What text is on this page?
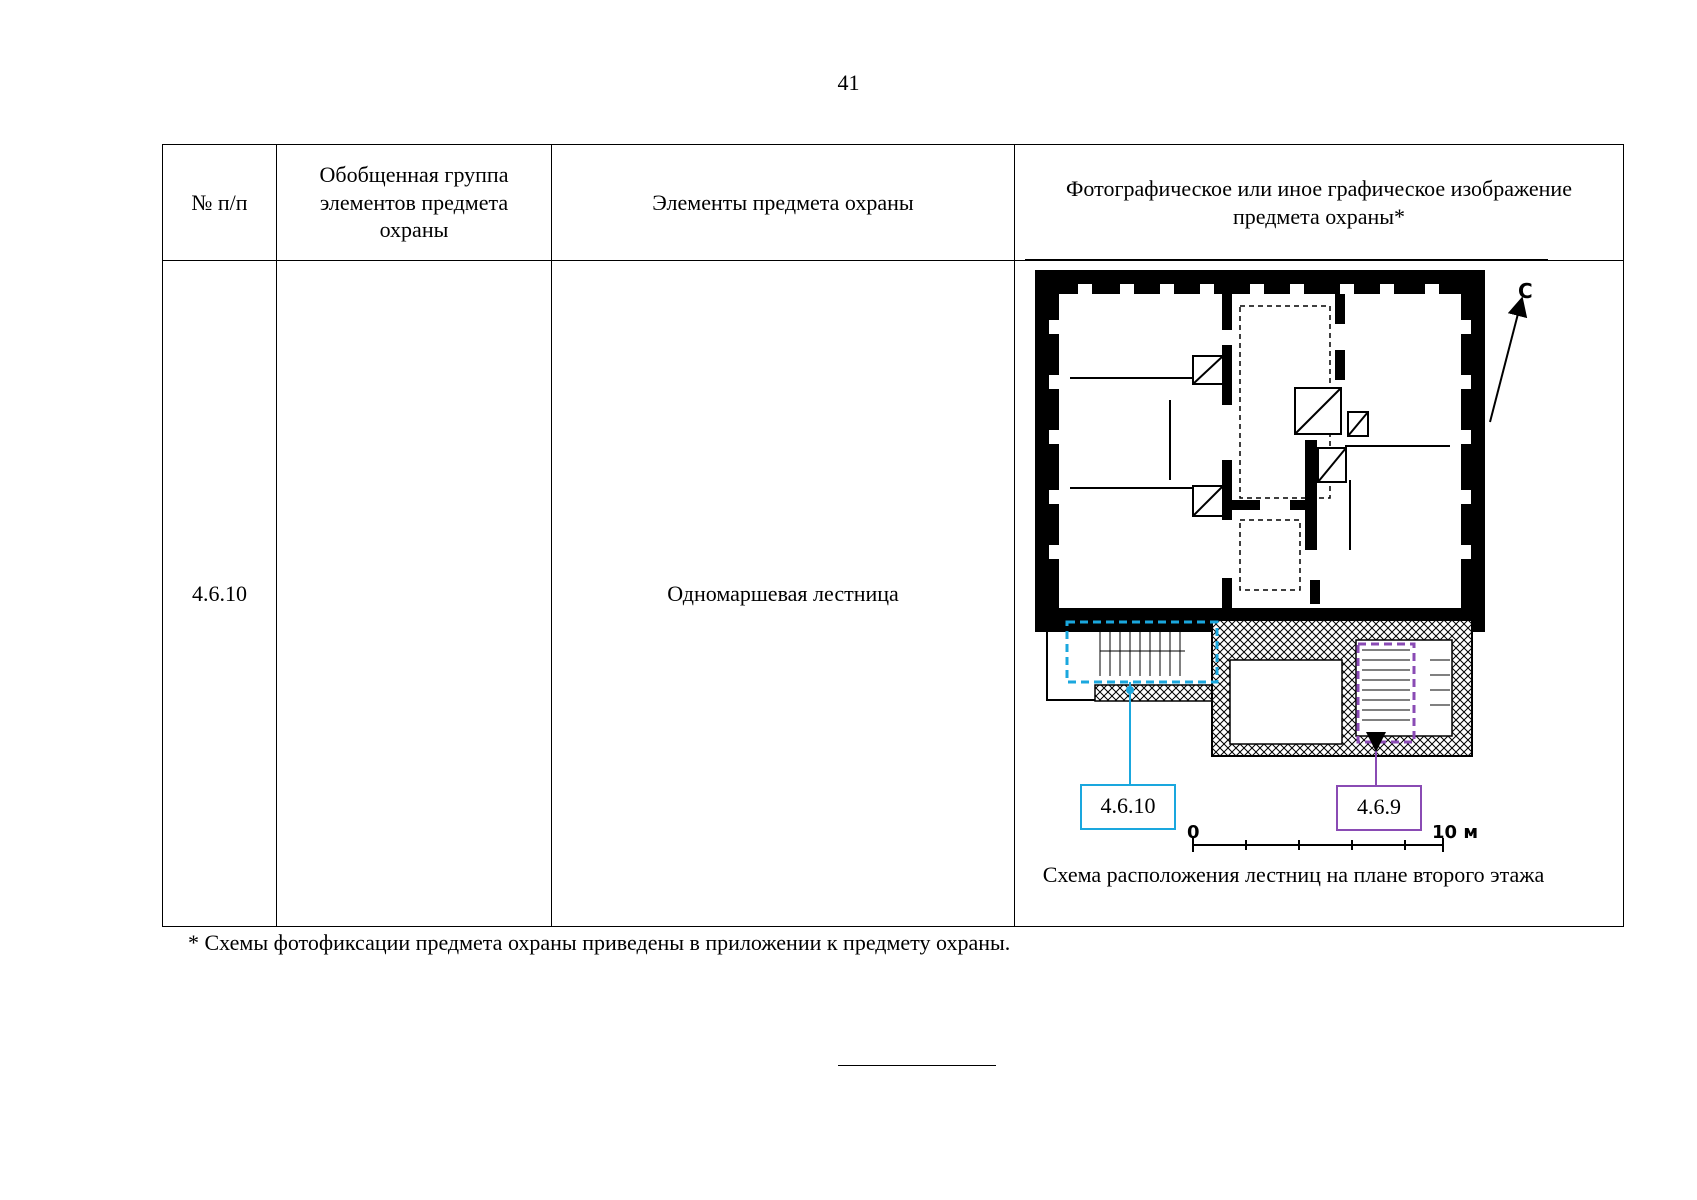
41
№ п/п	Обобщенная группа элементов предмета охраны	Элементы предмета охраны	Фотографическое или иное графическое изображение предмета охраны*
4.6.10		Одномаршевая лестница	
С
4.6.10	4.6.9
0	10 м
Схема расположения лестниц на плане второго этажа
* Схемы фотофиксации предмета охраны приведены в приложении к предмету охраны.
